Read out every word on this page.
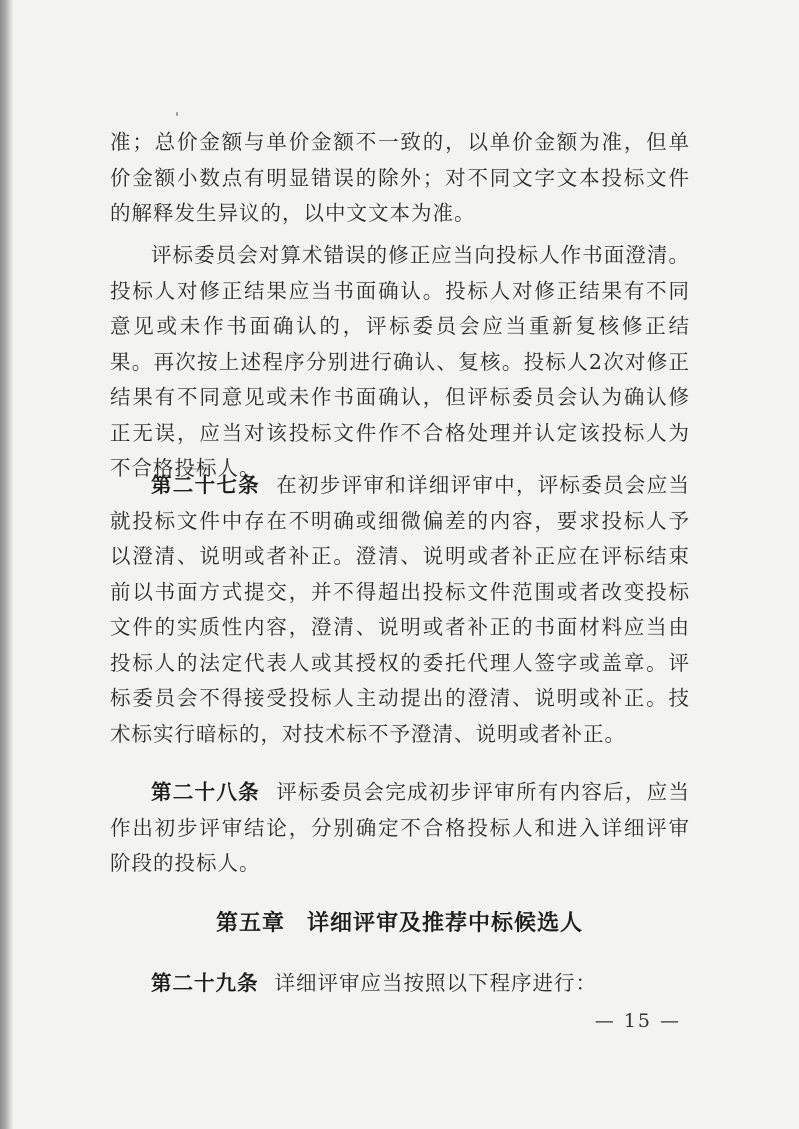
准；总价金额与单价金额不一致的，以单价金额为准，但单价金额小数点有明显错误的除外；对不同文字文本投标文件的解释发生异议的，以中文文本为准。

评标委员会对算术错误的修正应当向投标人作书面澄清。投标人对修正结果应当书面确认。投标人对修正结果有不同意见或未作书面确认的，评标委员会应当重新复核修正结果。再次按上述程序分别进行确认、复核。投标人2次对修正结果有不同意见或未作书面确认，但评标委员会认为确认修正无误，应当对该投标文件作不合格处理并认定该投标人为不合格投标人。

第二十七条 在初步评审和详细评审中，评标委员会应当就投标文件中存在不明确或细微偏差的内容，要求投标人予以澄清、说明或者补正。澄清、说明或者补正应在评标结束前以书面方式提交，并不得超出投标文件范围或者改变投标文件的实质性内容，澄清、说明或者补正的书面材料应当由投标人的法定代表人或其授权的委托代理人签字或盖章。评标委员会不得接受投标人主动提出的澄清、说明或补正。技术标实行暗标的，对技术标不予澄清、说明或者补正。

第二十八条 评标委员会完成初步评审所有内容后，应当作出初步评审结论，分别确定不合格投标人和进入详细评审阶段的投标人。

第五章 详细评审及推荐中标候选人

第二十九条 详细评审应当按照以下程序进行：

— 15 —
